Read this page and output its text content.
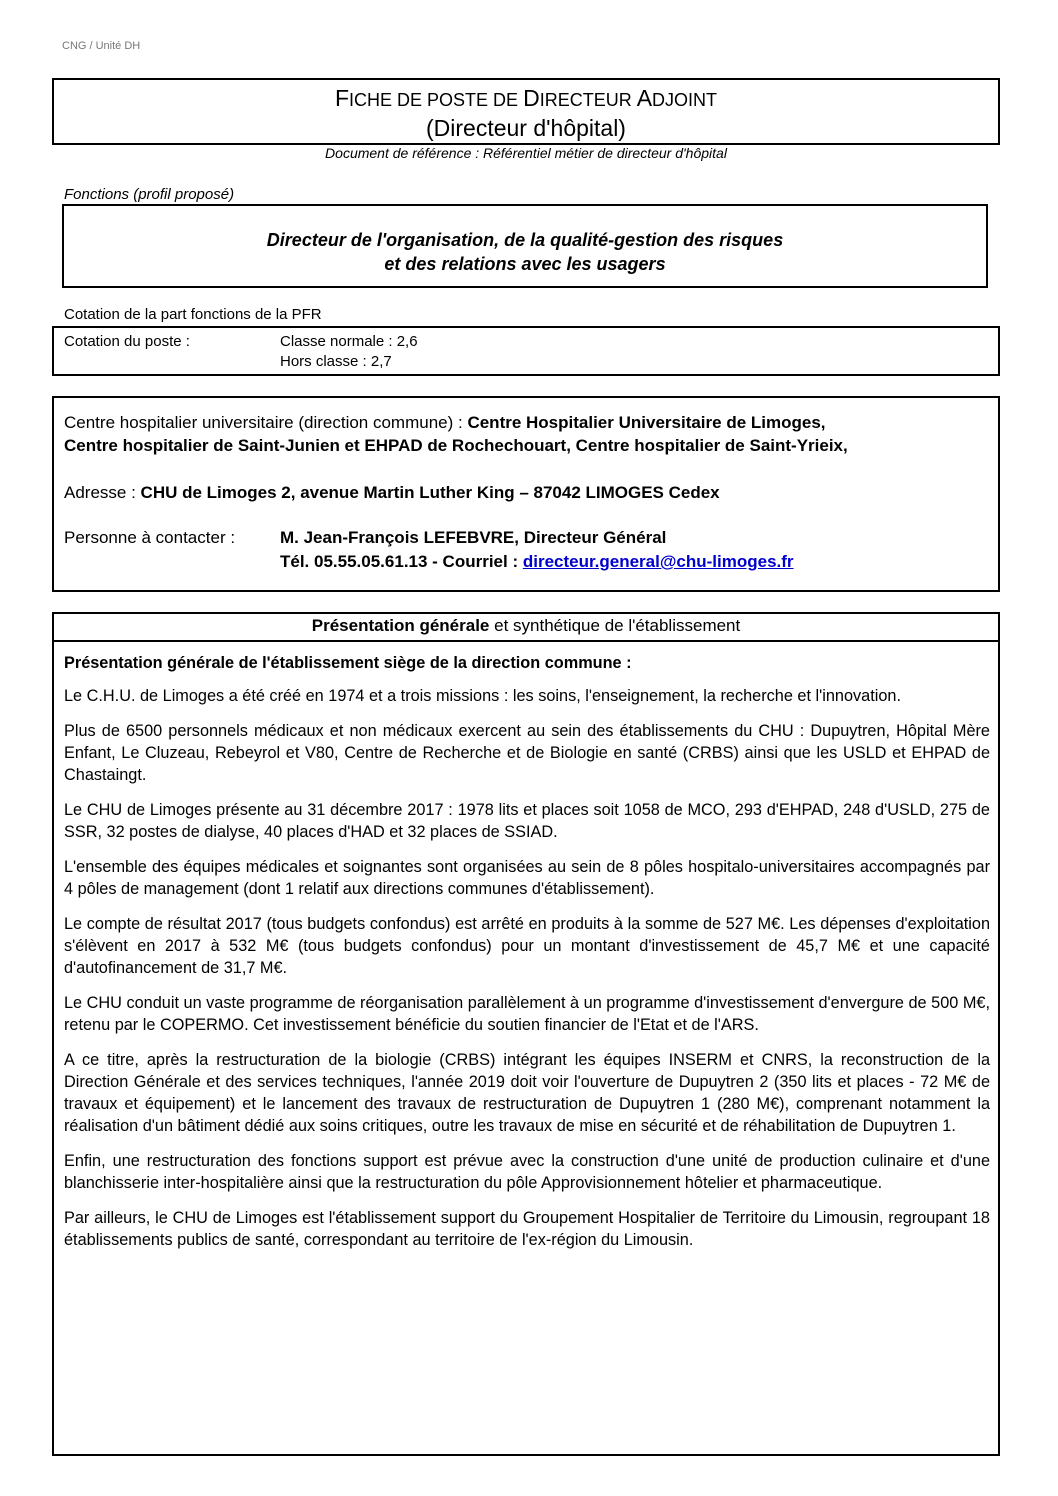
CNG / Unité DH
FICHE DE POSTE DE DIRECTEUR ADJOINT
(Directeur d'hôpital)
Document de référence : Référentiel métier de directeur d'hôpital
Fonctions (profil proposé)
Directeur de l'organisation, de la qualité-gestion des risques
et des relations avec les usagers
Cotation de la part fonctions de la PFR
Cotation du poste :	Classe normale : 2,6
Hors classe : 2,7
Centre hospitalier universitaire (direction commune) : Centre Hospitalier Universitaire de Limoges,
Centre hospitalier de Saint-Junien et EHPAD de Rochechouart, Centre hospitalier de Saint-Yrieix,
Adresse : CHU de Limoges 2, avenue Martin Luther King – 87042 LIMOGES Cedex
Personne à contacter :	M. Jean-François LEFEBVRE, Directeur Général
Tél. 05.55.05.61.13 - Courriel : directeur.general@chu-limoges.fr
Présentation générale et synthétique de l'établissement

Présentation générale de l'établissement siège de la direction commune :

Le C.H.U. de Limoges a été créé en 1974 et a trois missions : les soins, l'enseignement, la recherche et l'innovation.

Plus de 6500 personnels médicaux et non médicaux exercent au sein des établissements du CHU : Dupuytren, Hôpital Mère Enfant, Le Cluzeau, Rebeyrol et V80, Centre de Recherche et de Biologie en santé (CRBS) ainsi que les USLD et EHPAD de Chastaingt.

Le CHU de Limoges présente au 31 décembre 2017 : 1978 lits et places soit 1058 de MCO, 293 d'EHPAD, 248 d'USLD, 275 de SSR, 32 postes de dialyse, 40 places d'HAD et 32 places de SSIAD.

L'ensemble des équipes médicales et soignantes sont organisées au sein de 8 pôles hospitalo-universitaires accompagnés par 4 pôles de management (dont 1 relatif aux directions communes d'établissement).

Le compte de résultat 2017 (tous budgets confondus) est arrêté en produits à la somme de 527 M€. Les dépenses d'exploitation s'élèvent en 2017 à 532 M€ (tous budgets confondus) pour un montant d'investissement de 45,7 M€ et une capacité d'autofinancement de 31,7 M€.

Le CHU conduit un vaste programme de réorganisation parallèlement à un programme d'investissement d'envergure de 500 M€, retenu par le COPERMO. Cet investissement bénéficie du soutien financier de l'Etat et de l'ARS.

A ce titre, après la restructuration de la biologie (CRBS) intégrant les équipes INSERM et CNRS, la reconstruction de la Direction Générale et des services techniques, l'année 2019 doit voir l'ouverture de Dupuytren 2 (350 lits et places - 72 M€ de travaux et équipement) et le lancement des travaux de restructuration de Dupuytren 1 (280 M€), comprenant notamment la réalisation d'un bâtiment dédié aux soins critiques, outre les travaux de mise en sécurité et de réhabilitation de Dupuytren 1.

Enfin, une restructuration des fonctions support est prévue avec la construction d'une unité de production culinaire et d'une blanchisserie inter-hospitalière ainsi que la restructuration du pôle Approvisionnement hôtelier et pharmaceutique.

Par ailleurs, le CHU de Limoges est l'établissement support du Groupement Hospitalier de Territoire du Limousin, regroupant 18 établissements publics de santé, correspondant au territoire de l'ex-région du Limousin.
